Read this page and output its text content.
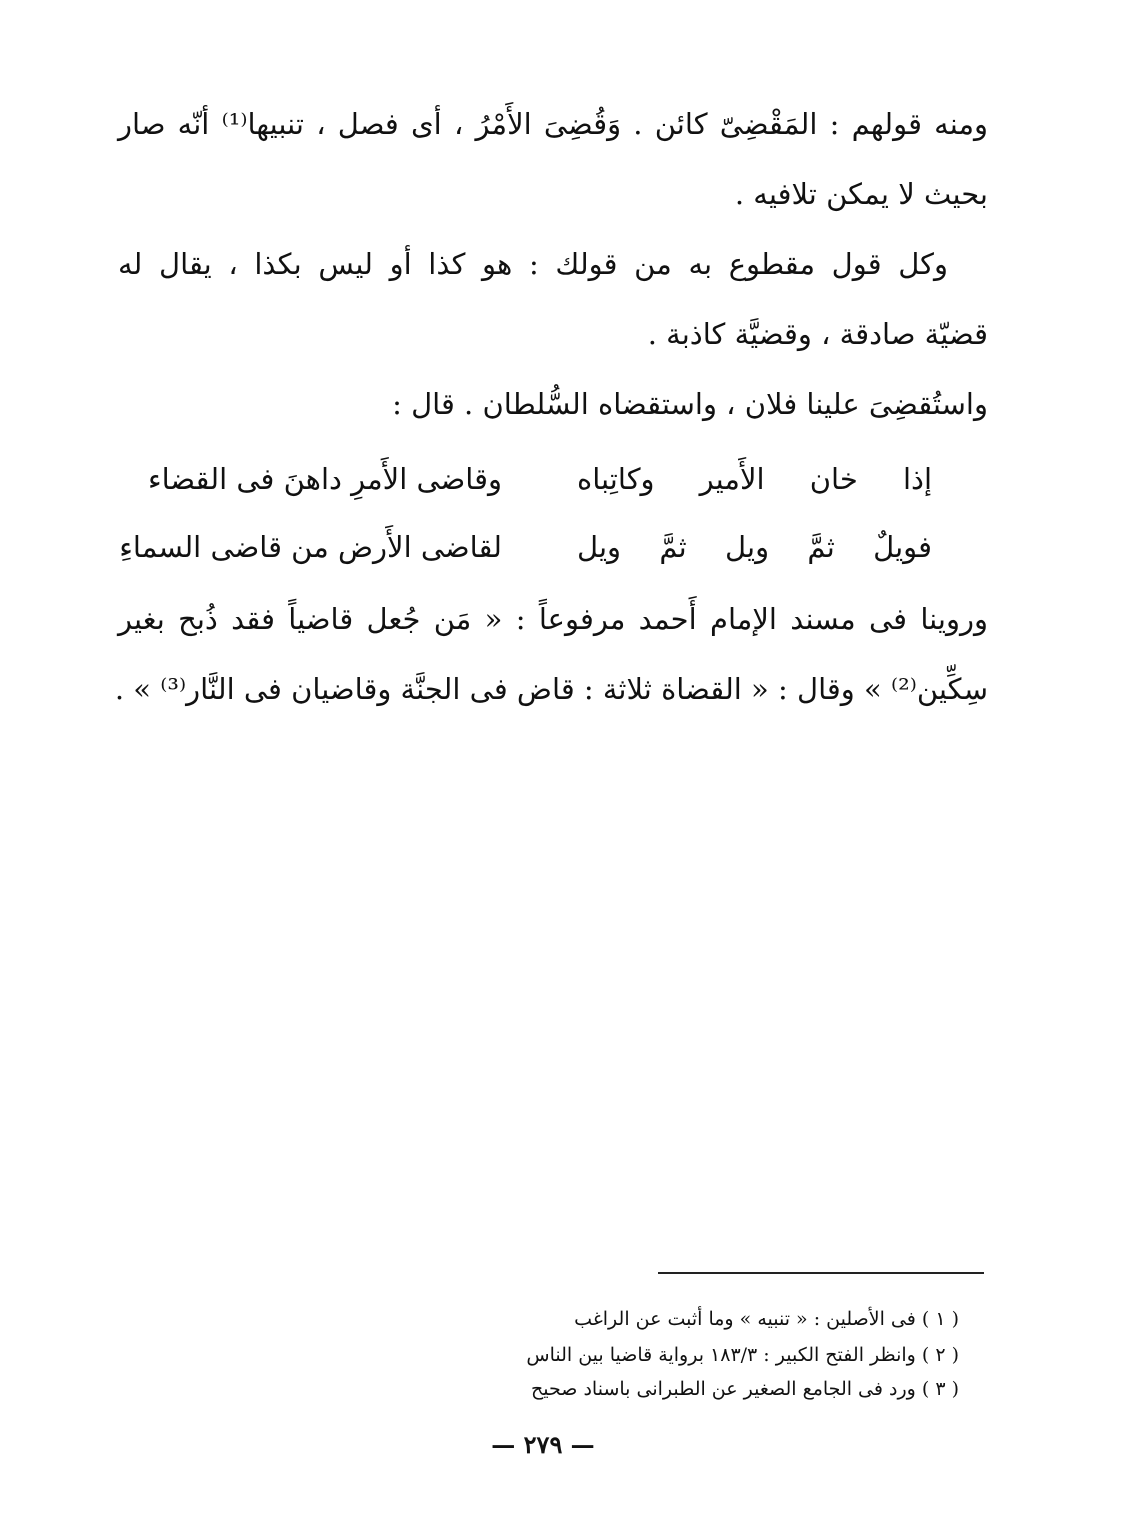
ومنه قولهم : المَقْضِىّ كائن . وَقُضِىَ الأَمْرُ ، أى فصل ، تنبيها⁽¹⁾ أنّه صار
بحيث لا يمكن تلافيه .
وكل قول مقطوع به من قولك : هو كذا أو ليس بكذا ، يقال له
قضيّة صادقة ، وقضيَّة كاذبة .
واستُقضِىَ علينا فلان ، واستقضاه السُّلطان . قال :
وروينا فى مسند الإمام أَحمد مرفوعاً : « مَن جُعل قاضياً فقد ذُبح بغير
سِكِّين⁽²⁾ » وقال : « القضاة ثلاثة : قاض فى الجنَّة وقاضيان فى النَّار⁽³⁾ » .
إذا خان الأَمير وكاتِباه
وقاضى الأَمرِ داهنَ فى القضاء
فويلٌ ثمَّ ويل ثمَّ ويل
لقاضى الأَرض من قاضى السماءِ
( ١ ) فى الأصلين : « تنبيه » وما أثبت عن الراغب
( ٢ ) وانظر الفتح الكبير : ١٨٣/٣ برواية قاضيا بين الناس
( ٣ ) ورد فى الجامع الصغير عن الطبرانى باسناد صحيح
— ٢٧٩ —
